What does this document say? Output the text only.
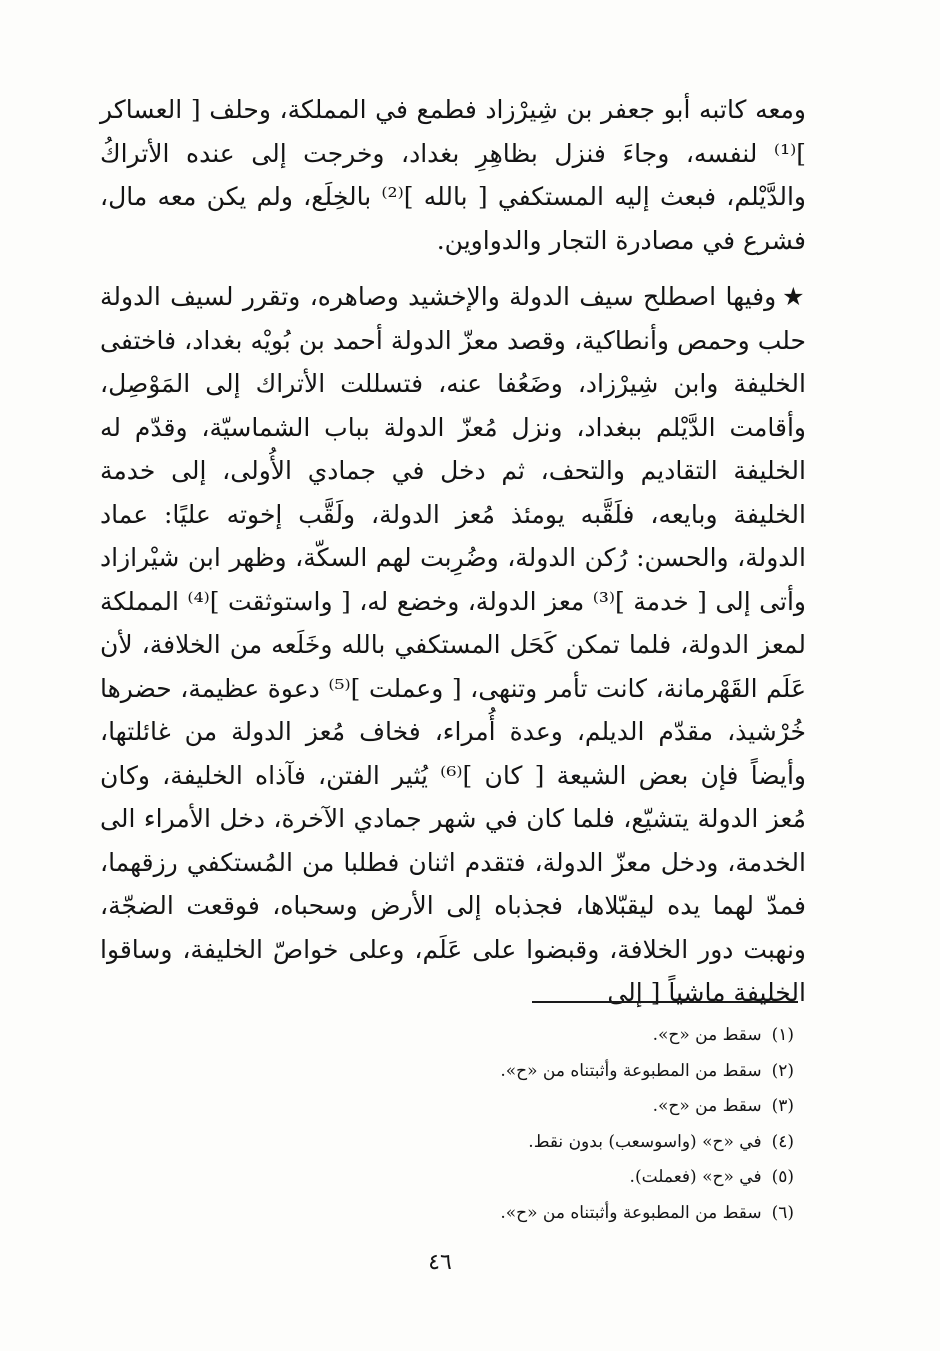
ومعه كاتبه أبو جعفر بن شِيرْزاد فطمع في المملكة، وحلف [ العساكر ]⁽¹⁾ لنفسه، وجاءَ فنزل بظاهِرِ بغداد، وخرجت إلى عنده الأتراكُ والدَّيْلم، فبعث إليه المستكفي [ بالله ]⁽²⁾ بالخِلَع، ولم يكن معه مال، فشرع في مصادرة التجار والدواوين.

★وفيها اصطلح سيف الدولة والإخشيد وصاهره، وتقرر لسيف الدولة حلب وحمص وأنطاكية، وقصد معزّ الدولة أحمد بن بُويْه بغداد، فاختفى الخليفة وابن شِيرْزاد، وضَعُفا عنه، فتسللت الأتراك إلى المَوْصِل، وأقامت الدَّيْلم ببغداد، ونزل مُعزّ الدولة بباب الشماسيّة، وقدّم له الخليفة التقاديم والتحف، ثم دخل في جمادي الأُولى، إلى خدمة الخليفة وبايعه، فلَقَّبه يومئذ مُعز الدولة، ولَقَّب إخوته عليًا: عماد الدولة، والحسن: رُكن الدولة، وضُرِبت لهم السكّة، وظهر ابن شيْرازاد وأتى إلى [ خدمة ]⁽³⁾ معز الدولة، وخضع له، [ واستوثقت ]⁽⁴⁾ المملكة لمعز الدولة، فلما تمكن كَحَل المستكفي بالله وخَلَعه من الخلافة، لأن عَلَم القَهْرمانة، كانت تأمر وتنهى، [ وعملت ]⁽⁵⁾ دعوة عظيمة، حضرها خُرْشيذ، مقدّم الديلم، وعدة أُمراء، فخاف مُعز الدولة من غائلتها، وأيضاً فإن بعض الشيعة [ كان ]⁽⁶⁾ يُثير الفتن، فآذاه الخليفة، وكان مُعز الدولة يتشيّع، فلما كان في شهر جمادي الآخرة، دخل الأمراء الى الخدمة، ودخل معزّ الدولة، فتقدم اثنان فطلبا من المُستكفي رزقهما، فمدّ لهما يده ليقبّلاها، فجذباه إلى الأرض وسحباه، فوقعت الضجّة، ونهبت دور الخلافة، وقبضوا على عَلَم، وعلى خواصّ الخليفة، وساقوا الخليفة ماشياً [ إلى

(١)سقط من «ح».
(٢)سقط من المطبوعة وأثبتناه من «ح».
(٣)سقط من «ح».
(٤)في «ح» (واسوسعب) بدون نقط.
(٥)في «ح» (فعملت).
(٦)سقط من المطبوعة وأثبتناه من «ح».
٤٦
